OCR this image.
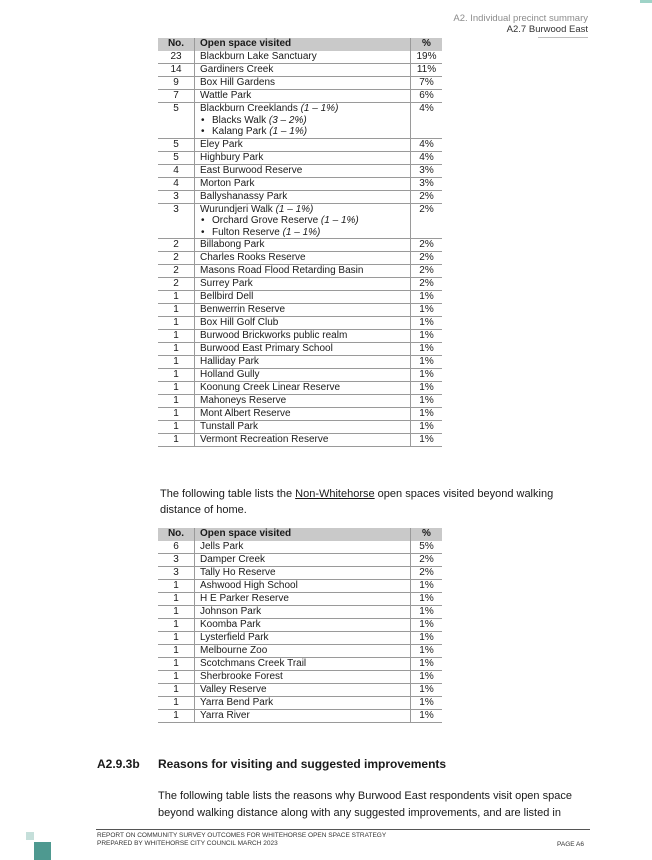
A2. Individual precinct summary
A2.7 Burwood East
No.	Open space visited	%
23	Blackburn Lake Sanctuary	19%
14	Gardiners Creek	11%
9	Box Hill Gardens	7%
7	Wattle Park	6%
5	Blackburn Creeklands (1 – 1%)
• Blacks Walk (3 – 2%)
• Kalang Park (1 – 1%)	4%
5	Eley Park	4%
5	Highbury Park	4%
4	East Burwood Reserve	3%
4	Morton Park	3%
3	Ballyshanassy Park	2%
3	Wurundjeri Walk (1 – 1%)
• Orchard Grove Reserve (1 – 1%)
• Fulton Reserve (1 – 1%)	2%
2	Billabong Park	2%
2	Charles Rooks Reserve	2%
2	Masons Road Flood Retarding Basin	2%
2	Surrey Park	2%
1	Bellbird Dell	1%
1	Benwerrin Reserve	1%
1	Box Hill Golf Club	1%
1	Burwood Brickworks public realm	1%
1	Burwood East Primary School	1%
1	Halliday Park	1%
1	Holland Gully	1%
1	Koonung Creek Linear Reserve	1%
1	Mahoneys Reserve	1%
1	Mont Albert Reserve	1%
1	Tunstall Park	1%
1	Vermont Recreation Reserve	1%
The following table lists the Non-Whitehorse open spaces visited beyond walking distance of home.
No.	Open space visited	%
6	Jells Park	5%
3	Damper Creek	2%
3	Tally Ho Reserve	2%
1	Ashwood High School	1%
1	H E Parker Reserve	1%
1	Johnson Park	1%
1	Koomba Park	1%
1	Lysterfield Park	1%
1	Melbourne Zoo	1%
1	Scotchmans Creek Trail	1%
1	Sherbrooke Forest	1%
1	Valley Reserve	1%
1	Yarra Bend Park	1%
1	Yarra River	1%
A2.9.3b Reasons for visiting and suggested improvements
The following table lists the reasons why Burwood East respondents visit open space beyond walking distance along with any suggested improvements, and are listed in
REPORT ON COMMUNITY SURVEY OUTCOMES FOR WHITEHORSE OPEN SPACE STRATEGY
PREPARED BY WHITEHORSE CITY COUNCIL MARCH 2023	PAGE A6
